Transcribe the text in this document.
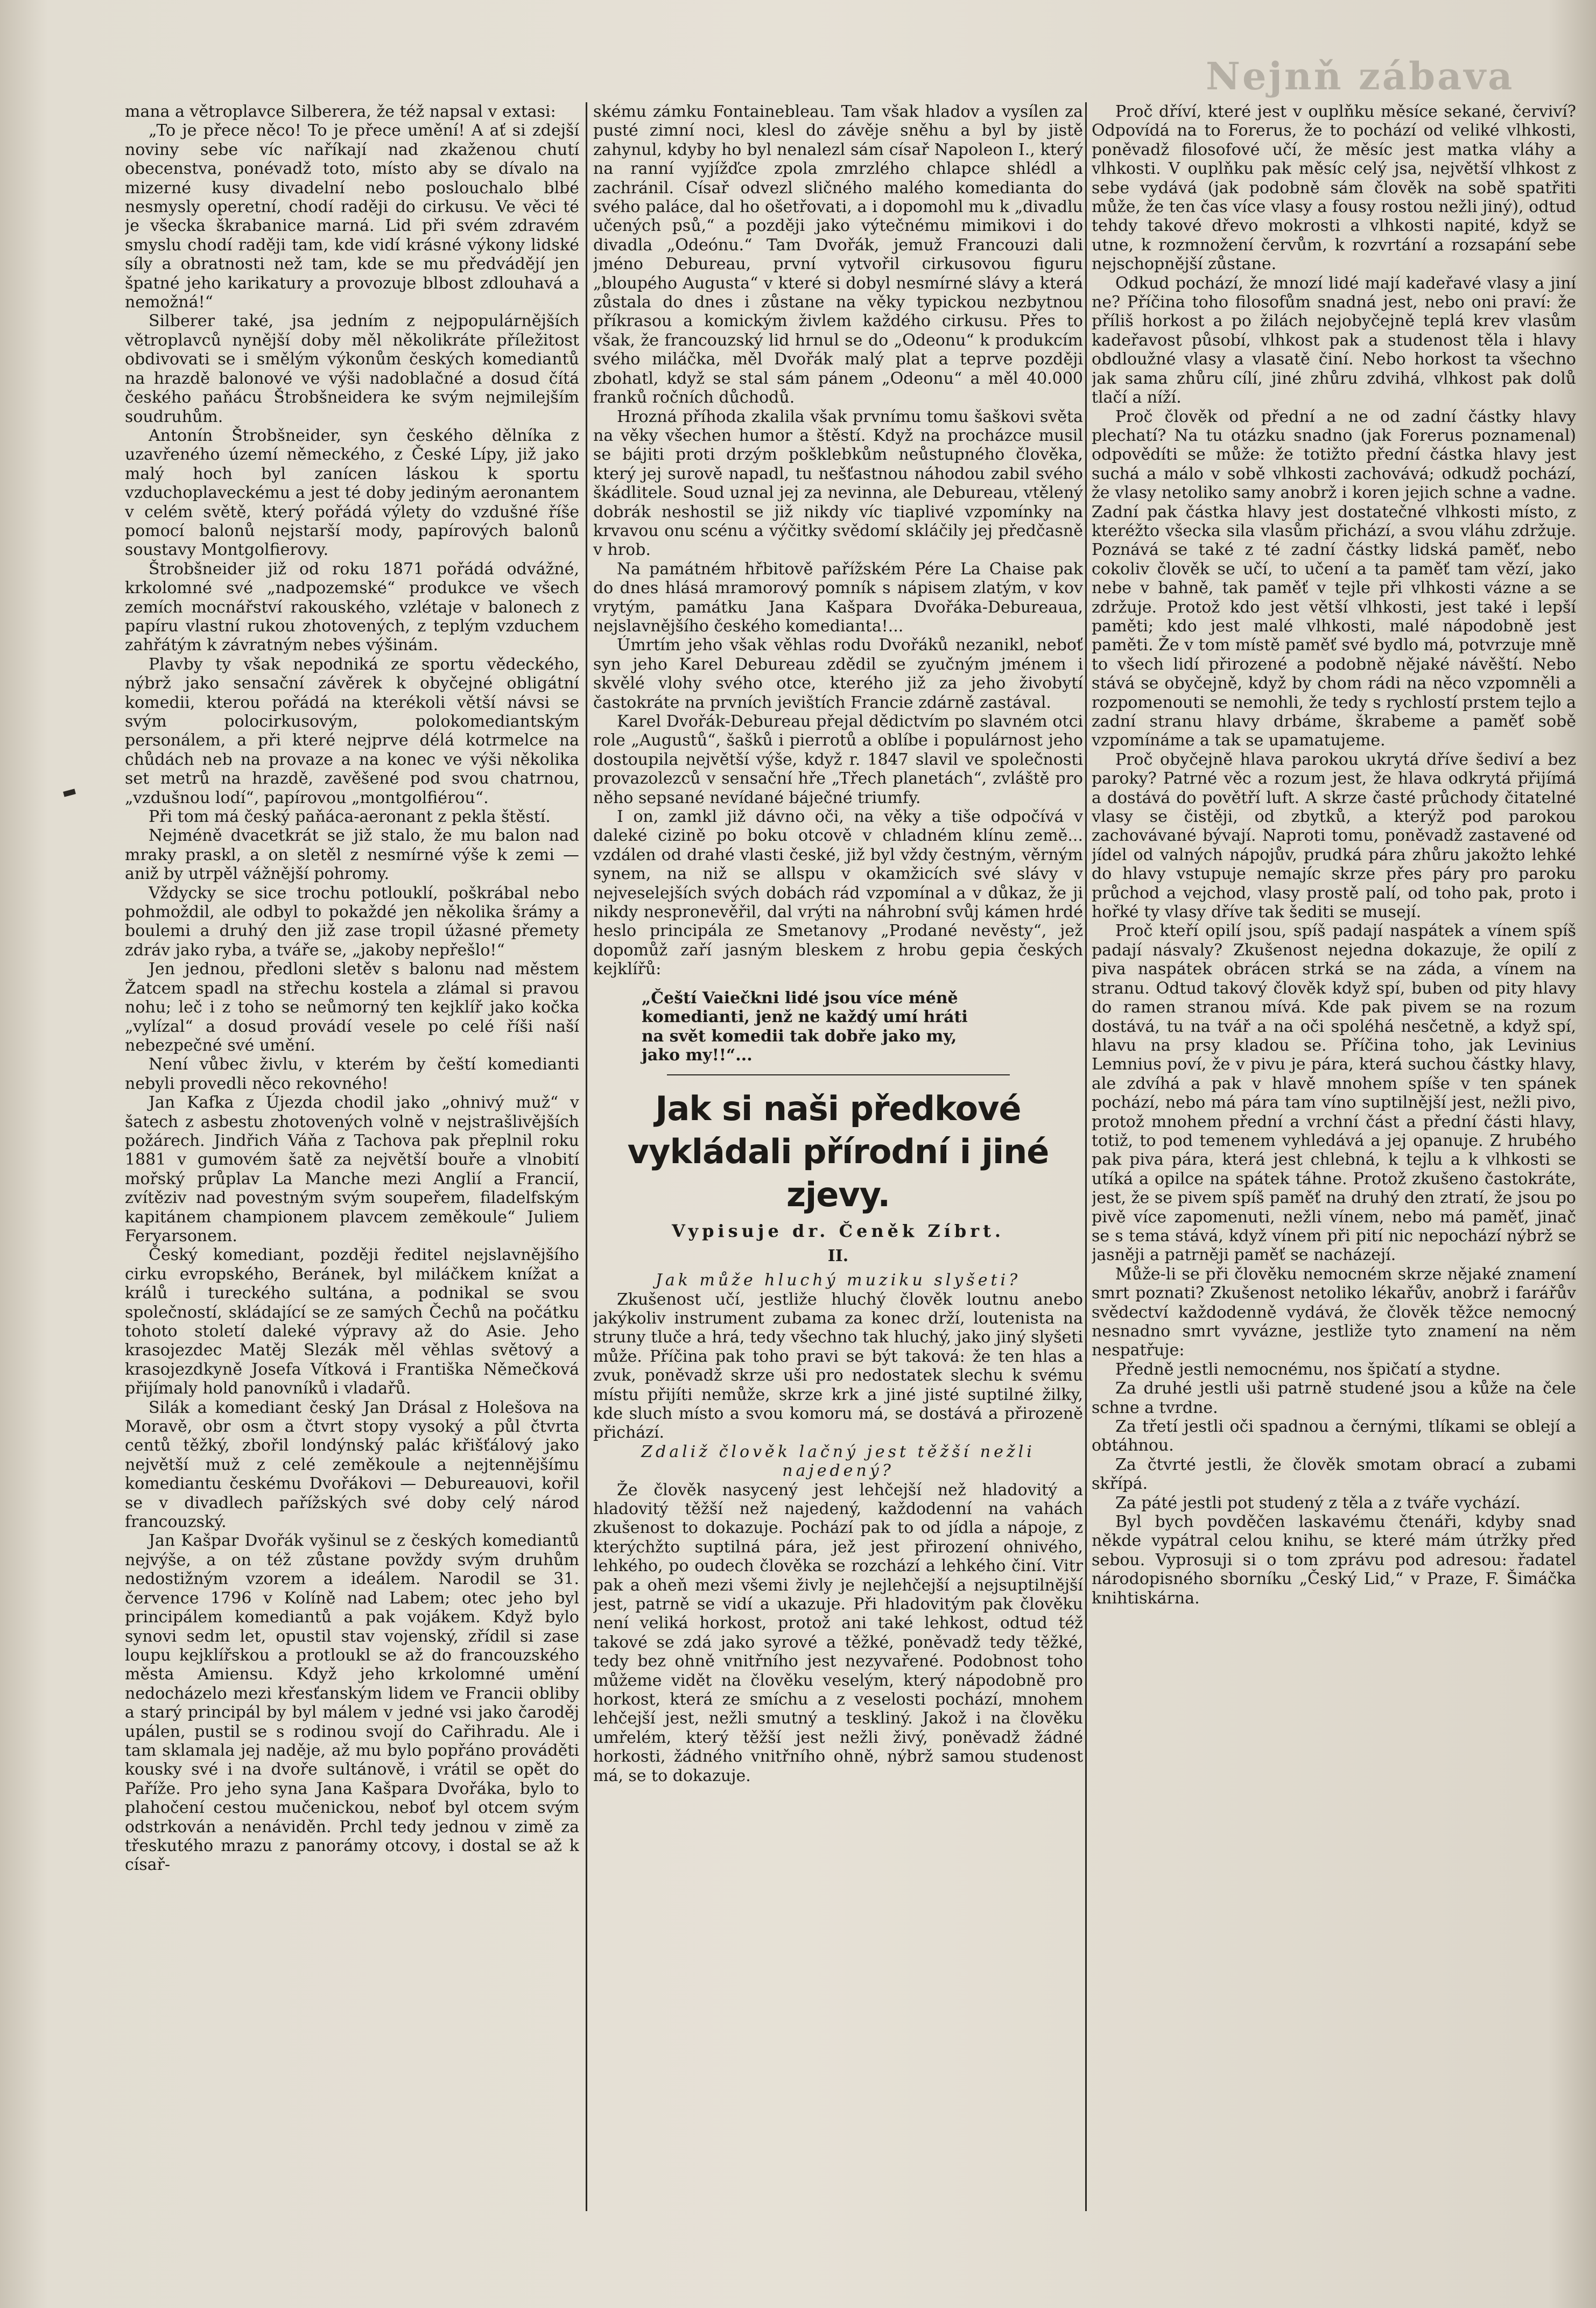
Nejnň zábava

mana a větroplavce Silberera, že též napsal v extasi:

„To je přece něco! To je přece umění! A ať si zdejší noviny sebe víc naříkají nad zkaženou chutí obecenstva, ponévadž toto, místo aby se dívalo na mizerné kusy divadelní nebo poslouchalo blbé nesmysly operetní, chodí raději do cirkusu. Ve věci té je všecka škrabanice marná. Lid při svém zdravém smyslu chodí raději tam, kde vidí krásné výkony lidské síly a obratnosti než tam, kde se mu předvádějí jen špatné jeho karikatury a provozuje blbost zdlouhavá a nemožná!“

Silberer také, jsa jedním z nejpopulárnějších větroplavců nynější doby měl několikráte příležitost obdivovati se i smělým výkonům českých komediantů na hrazdě balonové ve výši nadoblačné a dosud čítá českého paňácu Štrobšneidera ke svým nejmilejším soudruhům.

Antonín Štrobšneider, syn českého dělníka z uzavřeného území německého, z České Lípy, již jako malý hoch byl zanícen láskou k sportu vzduchoplaveckému a jest té doby jediným aeronantem v celém světě, který pořádá výlety do vzdušné říše pomocí balonů nejstarší mody, papírových balonů soustavy Montgolfierovy.

Štrobšneider již od roku 1871 pořádá odvážné, krkolomné své „nadpozemské“ produkce ve všech zemích mocnářství rakouského, vzlétaje v balonech z papíru vlastní rukou zhotovených, z teplým vzduchem zahřátým k závratným nebes výšinám.

Plavby ty však nepodniká ze sportu vědeckého, nýbrž jako sensační závěrek k obyčejné obligátní komedii, kterou pořádá na kterékoli větší návsi se svým polocirkusovým, polokomediantským personálem, a při které nejprve délá kotrmelce na chůdách neb na provaze a na konec ve výši několika set metrů na hrazdě, zavěšené pod svou chatrnou, „vzdušnou lodí“, papírovou „montgolfiérou“.

Při tom má český paňáca-aeronant z pekla štěstí.

Nejméně dvacetkrát se již stalo, že mu balon nad mraky praskl, a on sletěl z nesmírné výše k zemi — aniž by utrpěl vážnější pohromy.

Vždycky se sice trochu potlouklí, poškrábal nebo pohmoždil, ale odbyl to pokaždé jen několika šrámy a boulemi a druhý den již zase tropil úžasné přemety zdráv jako ryba, a tváře se, „jakoby nepřešlo!“

Jen jednou, předloni sletěv s balonu nad městem Žatcem spadl na střechu kostela a zlámal si pravou nohu; leč i z toho se neůmorný ten kejklíř jako kočka „vylízal“ a dosud provádí vesele po celé říši naší nebezpečné své umění.

Není vůbec živlu, v kterém by čeští komedianti nebyli provedli něco rekovného!

Jan Kafka z Újezda chodil jako „ohnivý muž“ v šatech z asbestu zhotovených volně v nejstrašlivějších požárech. Jindřich Váňa z Tachova pak přeplnil roku 1881 v gumovém šatě za největší bouře a vlnobití mořský průplav La Manche mezi Anglií a Francií, zvítěziv nad povestným svým soupeřem, filadelfským kapitánem championem plavcem zeměkoule“ Juliem Feryarsonem.

Český komediant, později ředitel nejslavnějšího cirku evropského, Beránek, byl miláčkem knížat a králů i tureckého sultána, a podnikal se svou společností, skládající se ze samých Čechů na počátku tohoto století daleké výpravy až do Asie. Jeho krasojezdec Matěj Slezák měl věhlas světový a krasojezdkyně Josefa Vítková i Františka Němečková přijímaly hold panovníků i vladařů.

Silák a komediant český Jan Drásal z Holešova na Moravě, obr osm a čtvrt stopy vysoký a půl čtvrta centů těžký, zbořil londýnský palác křišťálový jako největší muž z celé zeměkoule a nejtennějšímu komediantu českému Dvořákovi — Debureauovi, kořil se v divadlech pařížských své doby celý národ francouzský.

Jan Kašpar Dvořák vyšinul se z českých komediantů nejvýše, a on též zůstane povždy svým druhům nedostižným vzorem a ideálem. Narodil se 31. července 1796 v Kolíně nad Labem; otec jeho byl principálem komediantů a pak vojákem. Když bylo synovi sedm let, opustil stav vojenský, zřídil si zase loupu kejklířskou a protloukl se až do francouzského města Amiensu. Když jeho krkolomné umění nedocházelo mezi křesťanským lidem ve Francii obliby a starý principál by byl málem v jedné vsi jako čaroděj upálen, pustil se s rodinou svojí do Cařihradu. Ale i tam sklamala jej naděje, až mu bylo popřáno prováděti kousky své i na dvoře sultánově, i vrátil se opět do Paříže. Pro jeho syna Jana Kašpara Dvořáka, bylo to plahočení cestou mučenickou, neboť byl otcem svým odstrkován a nenáviděn. Prchl tedy jednou v zimě za třeskutého mrazu z panorámy otcovy, i dostal se až k císař-

skému zámku Fontainebleau. Tam však hladov a vysílen za pusté zimní noci, klesl do závěje sněhu a byl by jistě zahynul, kdyby ho byl nenalezl sám císař Napoleon I., který na ranní vyjížďce zpola zmrzlého chlapce shlédl a zachránil. Císař odvezl sličného malého komedianta do svého paláce, dal ho ošetřovati, a i dopomohl mu k „divadlu učených psů,“ a později jako výtečnému mimikovi i do divadla „Odeónu.“ Tam Dvořák, jemuž Francouzi dali jméno Debureau, první vytvořil cirkusovou figuru „bloupého Augusta“ v které si dobyl nesmírné slávy a která zůstala do dnes i zůstane na věky typickou nezbytnou příkrasou a komickým živlem každého cirkusu. Přes to však, že francouzský lid hrnul se do „Odeonu“ k produkcím svého miláčka, měl Dvořák malý plat a teprve později zbohatl, když se stal sám pánem „Odeonu“ a měl 40.000 franků ročních důchodů.

Hrozná příhoda zkalila však prvnímu tomu šaškovi světa na věky všechen humor a štěstí. Když na procházce musil se bájiti proti drzým pošklebkům neůstupného člověka, který jej surově napadl, tu nešťastnou náhodou zabil svého škádlitele. Soud uznal jej za nevinna, ale Debureau, vtělený dobrák neshostil se již nikdy víc tiaplivé vzpomínky na krvavou onu scénu a výčitky svědomí skláčily jej předčasně v hrob.

Na památném hřbitově pařížském Pére La Chaise pak do dnes hlásá mramorový pomník s nápisem zlatým, v kov vrytým, památku Jana Kašpara Dvořáka-Debureaua, nejslavnějšího českého komedianta!...

Úmrtím jeho však věhlas rodu Dvořáků nezanikl, neboť syn jeho Karel Debureau zdědil se zyučným jménem i skvělé vlohy svého otce, kterého již za jeho živobytí častokráte na prvních jevištích Francie zdárně zastával.

Karel Dvořák-Debureau přejal dědictvím po slavném otci role „Augustů“, šašků i pierrotů a oblíbe i populárnost jeho dostoupila největší výše, když r. 1847 slavil ve společnosti provazolezců v sensační hře „Třech planetách“, zvláště pro něho sepsané nevídané báječné triumfy.

I on, zamkl již dávno oči, na věky a tiše odpočívá v daleké cizině po boku otcově v chladném klínu země... vzdálen od drahé vlasti české, již byl vždy čestným, věrným synem, na niž se allspu v okamžicích své slávy v nejveselejších svých dobách rád vzpomínal a v důkaz, že ji nikdy nespronevěřil, dal vrýti na náhrobní svůj kámen hrdé heslo principála ze Smetanovy „Prodané nevěsty“, jež dopomůž zaří jasným bleskem z hrobu gepia českých kejklířů:

„Čeští Vaiečkni lidé jsou více méně komedianti, jenž ne každý umí hráti na svět komedii tak dobře jako my, jako my!!“...

Jak si naši předkové vykládali přírodní i jiné zjevy.
Vypisuje dr. Čeněk Zíbrt.
II.

Jak může hluchý muziku slyšeti?

Zkušenost učí, jestliže hluchý člověk loutnu anebo jakýkoliv instrument zubama za konec drží, loutenista na struny tluče a hrá, tedy všechno tak hluchý, jako jiný slyšeti může. Příčina pak toho pravi se být taková: že ten hlas a zvuk, poněvadž skrze uši pro nedostatek slechu k svému místu přijíti nemůže, skrze krk a jiné jisté suptilné žilky, kde sluch místo a svou komoru má, se dostává a přirozeně přichází.

Zdaliž člověk lačný jest těžší nežli najedený?

Že člověk nasycený jest lehčejší než hladovitý a hladovitý těžší než najedený, každodenní na vahách zkušenost to dokazuje. Pochází pak to od jídla a nápoje, z kterýchžto suptilná pára, jež jest přirození ohnivého, lehkého, po oudech člověka se rozchází a lehkého činí. Vitr pak a oheň mezi všemi živly je nejlehčejší a nejsuptilnější jest, patrně se vidí a ukazuje. Při hladovitým pak člověku není veliká horkost, protož ani také lehkost, odtud též takové se zdá jako syrové a těžké, poněvadž tedy těžké, tedy bez ohně vnitřního jest nezyvařené. Podobnost toho můžeme vidět na člověku veselým, který nápodobně pro horkost, která ze smíchu a z veselosti pochází, mnohem lehčejší jest, nežli smutný a teskliný. Jakož i na člověku umřelém, který těžší jest nežli živý, poněvadž žádné horkosti, žádného vnitřního ohně, nýbrž samou studenost má, se to dokazuje.

Proč dříví, které jest v ouplňku měsíce sekané, červiví? Odpovídá na to Forerus, že to pochází od veliké vlhkosti, poněvadž filosofové učí, že měsíc jest matka vláhy a vlhkosti. V ouplňku pak měsíc celý jsa, největší vlhkost z sebe vydává (jak podobně sám člověk na sobě spatřiti může, že ten čas více vlasy a fousy rostou nežli jiný), odtud tehdy takové dřevo mokrosti a vlhkosti napité, když se utne, k rozmnožení červům, k rozvrtání a rozsapání sebe nejschopnější zůstane.

Odkud pochází, že mnozí lidé mají kadeřavé vlasy a jiní ne? Příčina toho filosofům snadná jest, nebo oni praví: že příliš horkost a po žilách nejobyčejně teplá krev vlasům kadeřavost působí, vlhkost pak a studenost těla i hlavy obdloužné vlasy a vlasatě činí. Nebo horkost ta všechno jak sama zhůru cílí, jiné zhůru zdvihá, vlhkost pak dolů tlačí a níží.

Proč člověk od přední a ne od zadní částky hlavy plechatí? Na tu otázku snadno (jak Forerus poznamenal) odpovědíti se může: že totižto přední částka hlavy jest suchá a málo v sobě vlhkosti zachovává; odkudž pochází, že vlasy netoliko samy anobrž i koren jejich schne a vadne. Zadní pak částka hlavy jest dostatečné vlhkosti místo, z kteréžto všecka sila vlasům přichází, a svou vláhu zdržuje. Poznává se také z té zadní částky lidská paměť, nebo cokoliv člověk se učí, to učení a ta paměť tam vězí, jako nebe v bahně, tak paměť v tejle při vlhkosti vázne a se zdržuje. Protož kdo jest větší vlhkosti, jest také i lepší paměti; kdo jest malé vlhkosti, malé nápodobně jest paměti. Že v tom místě paměť své bydlo má, potvrzuje mně to všech lidí přirozené a podobně nějaké návěští. Nebo stává se obyčejně, když by chom rádi na něco vzpomněli a rozpomenouti se nemohli, že tedy s rychlostí prstem tejlo a zadní stranu hlavy drbáme, škrabeme a paměť sobě vzpomínáme a tak se upamatujeme.

Proč obyčejně hlava parokou ukrytá dříve šediví a bez paroky? Patrné věc a rozum jest, že hlava odkrytá přijímá a dostává do povětří luft. A skrze časté průchody čitatelné vlasy se čistěji, od zbytků, a kterýž pod parokou zachovávané bývají. Naproti tomu, poněvadž zastavené od jídel od valných nápojův, prudká pára zhůru jakožto lehké do hlavy vstupuje nemajíc skrze přes páry pro paroku průchod a vejchod, vlasy prostě palí, od toho pak, proto i hořké ty vlasy dříve tak šediti se musejí.

Proč kteří opilí jsou, spíš padají naspátek a vínem spíš padají násvaly? Zkušenost nejedna dokazuje, že opilí z piva naspátek obrácen strká se na záda, a vínem na stranu. Odtud takový člověk když spí, buben od pity hlavy do ramen stranou mívá. Kde pak pivem se na rozum dostává, tu na tvář a na oči spoléhá nesčetně, a když spí, hlavu na prsy kladou se. Příčina toho, jak Levinius Lemnius poví, že v pivu je pára, která suchou částky hlavy, ale zdvíhá a pak v hlavě mnohem spíše v ten spánek pochází, nebo má pára tam víno suptilnější jest, nežli pivo, protož mnohem přední a vrchní část a přední části hlavy, totiž, to pod temenem vyhledává a jej opanuje. Z hrubého pak piva pára, která jest chlebná, k tejlu a k vlhkosti se utíká a opilce na spátek táhne. Protož zkušeno častokráte, jest, že se pivem spíš paměť na druhý den ztratí, že jsou po pivě více zapomenuti, nežli vínem, nebo má paměť, jinač se s tema stává, když vínem při pití nic nepochází nýbrž se jasněji a patrněji paměť se nacházejí.

Může-li se při člověku nemocném skrze nějaké znamení smrt poznati? Zkušenost netoliko lékařův, anobrž i farářův svědectví každodenně vydává, že člověk těžce nemocný nesnadno smrt vyvázne, jestliže tyto znamení na něm nespatřuje:

Předně jestli nemocnému, nos špičatí a stydne.

Za druhé jestli uši patrně studené jsou a kůže na čele schne a tvrdne.

Za třetí jestli oči spadnou a černými, tlíkami se oblejí a obtáhnou.

Za čtvrté jestli, že člověk smotam obrací a zubami skřípá.

Za páté jestli pot studený z těla a z tváře vychází.

Byl bych povděčen laskavému čtenáři, kdyby snad někde vypátral celou knihu, se které mám útržky před sebou. Vyprosuji si o tom zprávu pod adresou: řadatel národopisného sborníku „Český Lid,“ v Praze, F. Šimáčka knihtiskárna.
